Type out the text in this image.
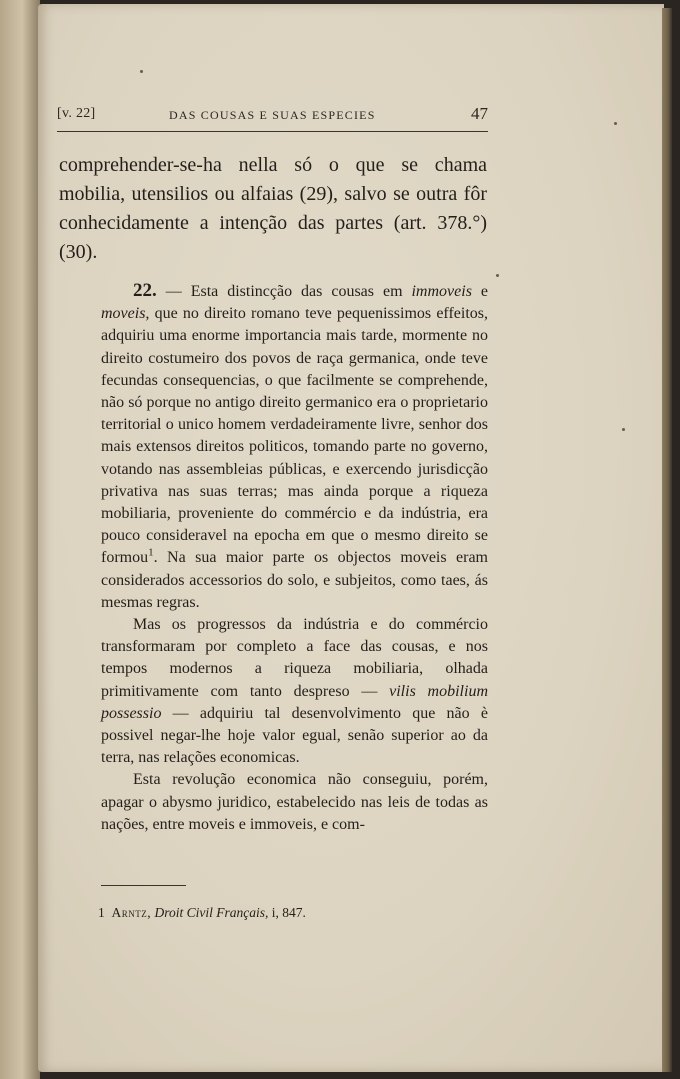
[v. 22]	DAS COUSAS E SUAS ESPECIES	47
comprehender-se-ha nella só o que se chama mobilia, utensilios ou alfaias (29), salvo se outra fôr conhecidamente a intenção das partes (art. 378.°) (30).

22. — Esta distincção das cousas em immoveis e moveis, que no direito romano teve pequenissimos effeitos, adquiriu uma enorme importancia mais tarde, mormente no direito costumeiro dos povos de raça germanica, onde teve fecundas consequencias, o que facilmente se comprehende, não só porque no antigo direito germanico era o proprietario territorial o unico homem verdadeiramente livre, senhor dos mais extensos direitos politicos, tomando parte no governo, votando nas assembleias públicas, e exercendo jurisdicção privativa nas suas terras; mas ainda porque a riqueza mobiliaria, proveniente do commércio e da indústria, era pouco consideravel na epocha em que o mesmo direito se formou$^1$. Na sua maior parte os objectos moveis eram considerados accessorios do solo, e subjeitos, como taes, ás mesmas regras.

Mas os progressos da indústria e do commércio transformaram por completo a face das cousas, e nos tempos modernos a riqueza mobiliaria, olhada primitivamente com tanto despreso — vilis mobilium possessio — adquiriu tal desenvolvimento que não è possivel negar-lhe hoje valor egual, senão superior ao da terra, nas relações economicas.

Esta revolução economica não conseguiu, porém, apagar o abysmo juridico, estabelecido nas leis de todas as nações, entre moveis e immoveis, e com-

1 Arntz, Droit Civil Français, i, 847.
